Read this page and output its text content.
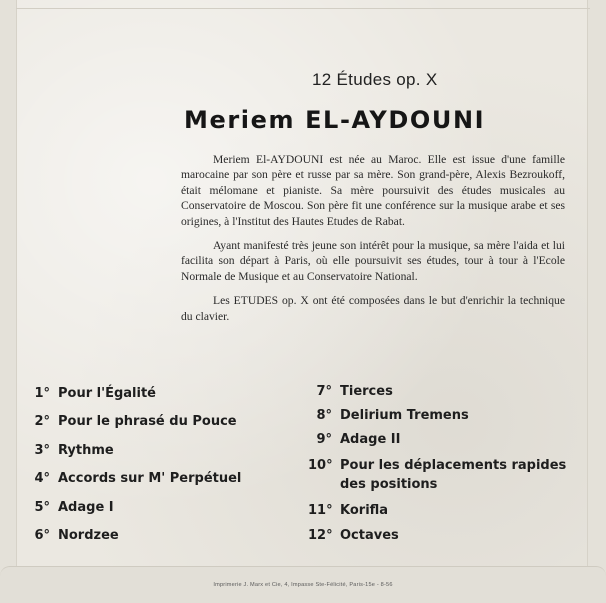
12 Études op. X
Meriem EL-AYDOUNI

Meriem El-AYDOUNI est née au Maroc. Elle est issue d'une famille marocaine par son père et russe par sa mère. Son grand-père, Alexis Bezroukoff, était mélomane et pianiste. Sa mère poursuivit des études musicales au Conservatoire de Moscou. Son père fit une conférence sur la musique arabe et ses origines, à l'Institut des Hautes Etudes de Rabat.

Ayant manifesté très jeune son intérêt pour la musique, sa mère l'aida et lui facilita son départ à Paris, où elle poursuivit ses études, tour à tour à l'Ecole Normale de Musique et au Conservatoire National.

Les ETUDES op. X ont été composées dans le but d'enrichir la technique du clavier.

1° Pour l'Égalité
2° Pour le phrasé du Pouce
3° Rythme
4° Accords sur M' Perpétuel
5° Adage I
6° Nordzee
7° Tierces
8° Delirium Tremens
9° Adage II
10° Pour les déplacements rapides
des positions
11° Korifla
12° Octaves
Imprimerie J. Marx et Cie, 4, Impasse Ste-Félicité, Paris-15e - 8-56
